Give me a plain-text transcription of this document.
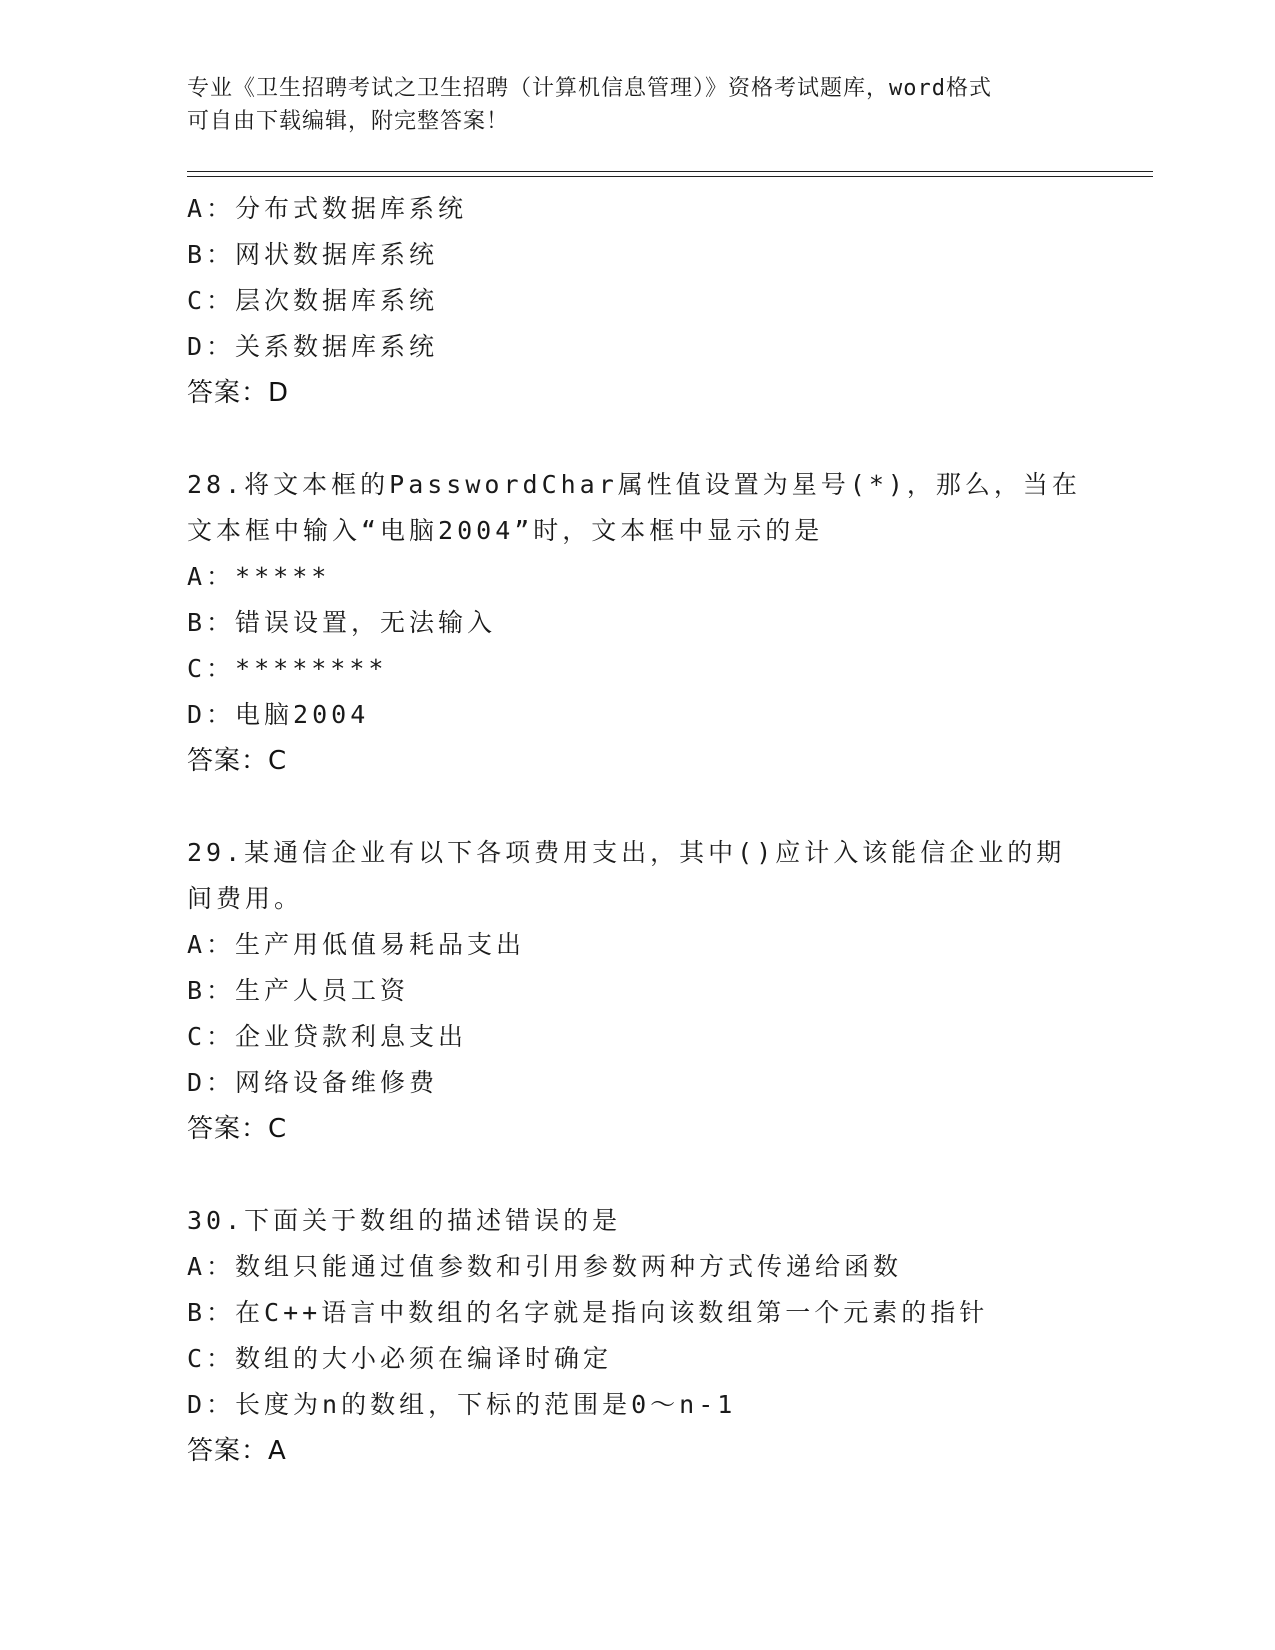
专业《卫生招聘考试之卫生招聘（计算机信息管理）》资格考试题库，word格式
可自由下载编辑，附完整答案！
A：分布式数据库系统
B：网状数据库系统
C：层次数据库系统
D：关系数据库系统
答案：D
28.将文本框的PasswordChar属性值设置为星号(*)，那么，当在文本框中输入“电脑2004”时，文本框中显示的是
A：*****
B：错误设置，无法输入
C：********
D：电脑2004
答案：C
29.某通信企业有以下各项费用支出，其中()应计入该能信企业的期间费用。
A：生产用低值易耗品支出
B：生产人员工资
C：企业贷款利息支出
D：网络设备维修费
答案：C
30.下面关于数组的描述错误的是
A：数组只能通过值参数和引用参数两种方式传递给函数
B：在C++语言中数组的名字就是指向该数组第一个元素的指针
C：数组的大小必须在编译时确定
D：长度为n的数组，下标的范围是0～n-1
答案：A
